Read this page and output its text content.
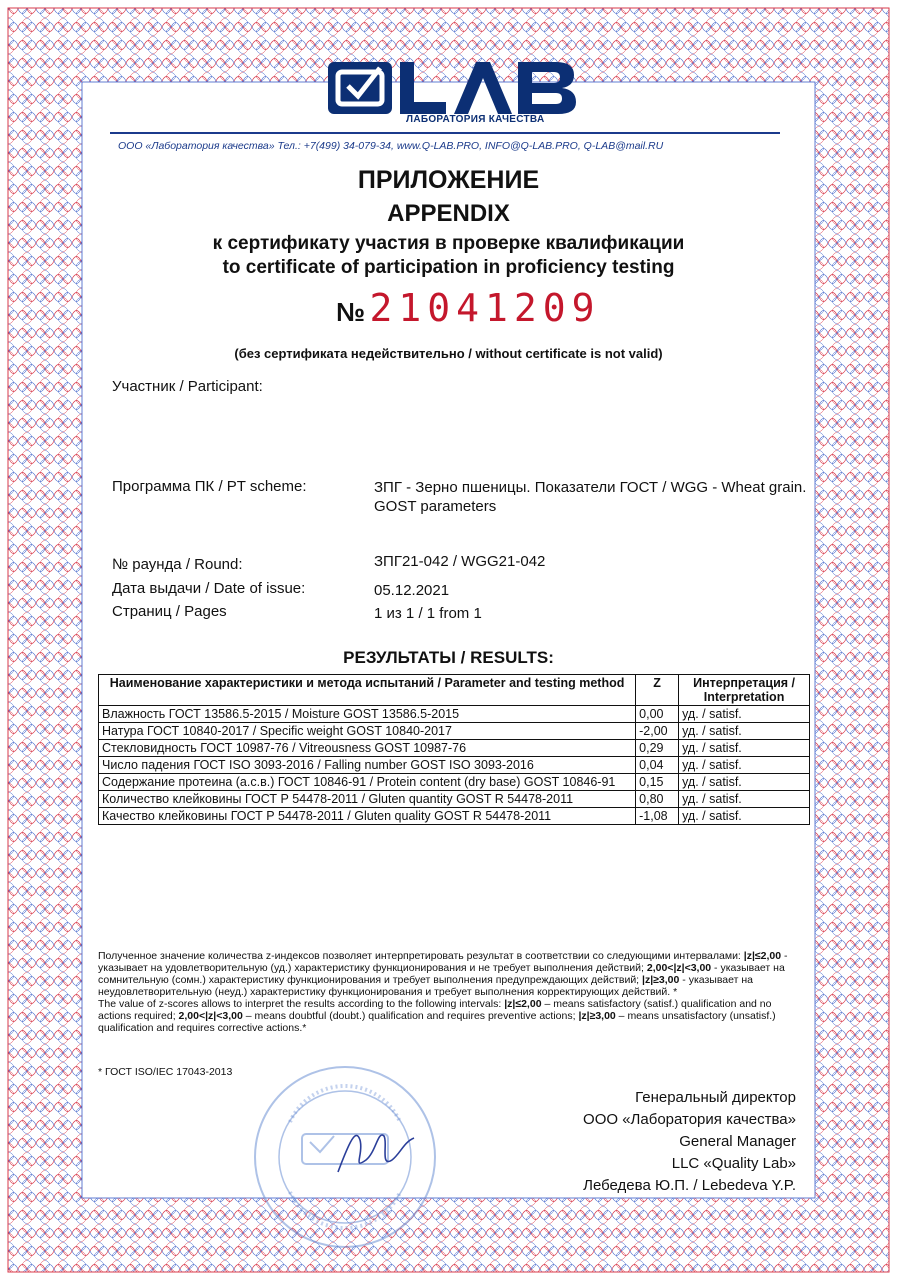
ЛАБОРАТОРИЯ КАЧЕСТВА
ООО «Лаборатория качества» Тел.: +7(499) 34-079-34, www.Q-LAB.PRO, INFO@Q-LAB.PRO, Q-LAB@mail.RU
ПРИЛОЖЕНИЕ
APPENDIX
к сертификату участия в проверке квалификации
to certificate of participation in proficiency testing
№ 21041209
(без сертификата недействительно / without certificate is not valid)
Участник / Participant:
Программа ПК / PT scheme:	ЗПГ - Зерно пшеницы. Показатели ГОСТ / WGG - Wheat grain. GOST parameters
№ раунда / Round:	ЗПГ21-042 / WGG21-042
Дата выдачи / Date of issue:	05.12.2021
Страниц / Pages	1 из 1 / 1 from 1
РЕЗУЛЬТАТЫ / RESULTS:
Наименование характеристики и метода испытаний / Parameter and testing method	Z	Интерпретация / Interpretation
Влажность ГОСТ 13586.5-2015 / Moisture GOST 13586.5-2015	0,00	уд. / satisf.
Натура ГОСТ 10840-2017 / Specific weight GOST 10840-2017	-2,00	уд. / satisf.
Стекловидность ГОСТ 10987-76 / Vitreousness GOST 10987-76	0,29	уд. / satisf.
Число падения ГОСТ ISO 3093-2016 / Falling number GOST ISO 3093-2016	0,04	уд. / satisf.
Содержание протеина (а.с.в.) ГОСТ 10846-91 / Protein content (dry base) GOST 10846-91	0,15	уд. / satisf.
Количество клейковины ГОСТ Р 54478-2011 / Gluten quantity GOST R 54478-2011	0,80	уд. / satisf.
Качество клейковины ГОСТ Р 54478-2011 / Gluten quality GOST R 54478-2011	-1,08	уд. / satisf.
Полученное значение количества z-индексов позволяет интерпретировать результат в соответствии со следующими интервалами: |z|≤2,00 - указывает на удовлетворительную (уд.) характеристику функционирования и не требует выполнения действий; 2,00<|z|<3,00 - указывает на сомнительную (сомн.) характеристику функционирования и требует выполнения предупреждающих действий; |z|≥3,00 - указывает на неудовлетворительную (неуд.) характеристику функционирования и требует выполнения корректирующих действий. *
The value of z-scores allows to interpret the results according to the following intervals: |z|≤2,00 – means satisfactory (satisf.) qualification and no actions required; 2,00<|z|<3,00 – means doubtful (doubt.) qualification and requires preventive actions; |z|≥3,00 – means unsatisfactory (unsatisf.) qualification and requires corrective actions.*
* ГОСТ ISO/IEC 17043-2013
Генеральный директор
ООО «Лаборатория качества»
General Manager
LLC «Quality Lab»
Лебедева Ю.П. / Lebedeva Y.P.
